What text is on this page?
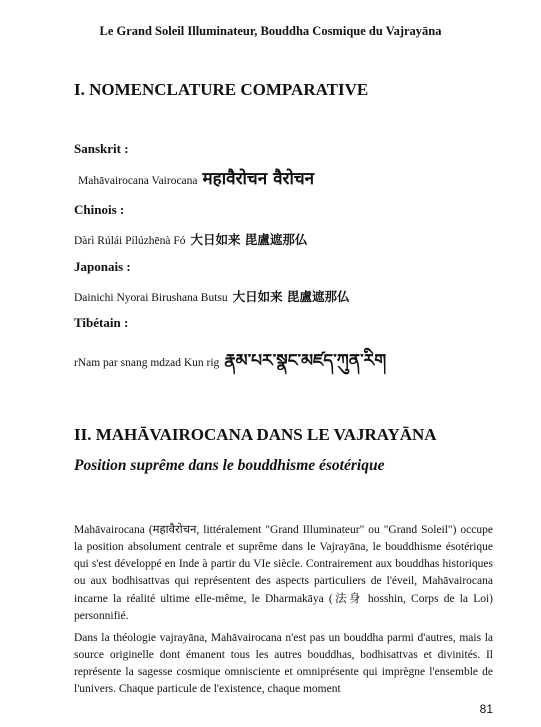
Le Grand Soleil Illuminateur, Bouddha Cosmique du Vajrayāna
I. NOMENCLATURE COMPARATIVE
Sanskrit :
Mahāvairocana Vairocana महावैरोचन वैरोचन
Chinois :
Dàrì Rúlái Pílúzhēnà Fó 大日如来 毘盧遮那仏
Japonais :
Dainichi Nyorai Birushana Butsu 大日如来 毘盧遮那仏
Tibétain :
rNam par snang mdzad Kun rig རྣམ་པར་སྣང་མཛད་ཀུན་རིག
II. MAHĀVAIROCANA DANS LE VAJRAYĀNA
Position suprême dans le bouddhisme ésotérique
Mahāvairocana (महावैरोचन, littéralement "Grand Illuminateur" ou "Grand Soleil") occupe la position absolument centrale et suprême dans le Vajrayāna, le bouddhisme ésotérique qui s'est développé en Inde à partir du VIe siècle. Contrairement aux bouddhas historiques ou aux bodhisattvas qui représentent des aspects particuliers de l'éveil, Mahāvairocana incarne la réalité ultime elle-même, le Dharmakāya (法身 hosshin, Corps de la Loi) personnifié.
Dans la théologie vajrayāna, Mahāvairocana n'est pas un bouddha parmi d'autres, mais la source originelle dont émanent tous les autres bouddhas, bodhisattvas et divinités. Il représente la sagesse cosmique omnisciente et omniprésente qui imprègne l'ensemble de l'univers. Chaque particule de l'existence, chaque moment
81
